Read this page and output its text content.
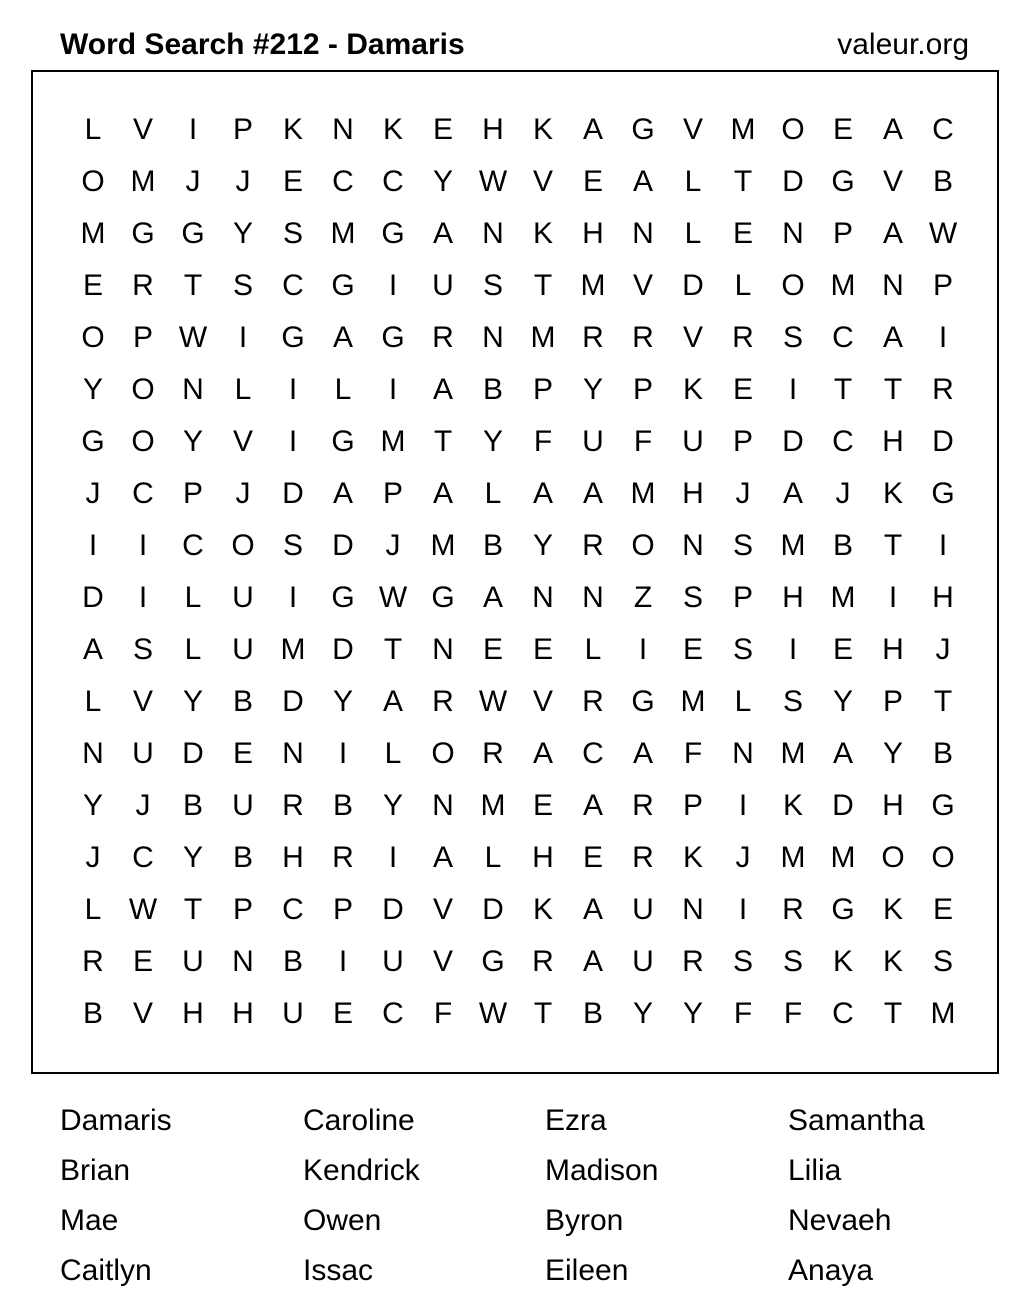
Word Search #212 - Damaris	valeur.org
L	V	I	P K N K E H K A G V M O E A C
O M	J	J	E C C Y W V E A	L	T	D G V B
M G G Y S M G A N K H N	L	E N P A W
E R	T	S C G	I	U S	T M V D	L O M N P
O P W	I	G A G R N M R R V R S C A	I
Y O N	L	I	L	I	A B P Y P K E	I	T	T	R
G O Y V	I	G M T	Y	F	U	F	U P D C H D
J	C P	J	D A P A	L	A A M H	J	A	J	K G
I	I	C O S D	J	M B Y R O N S M B	T	I
D	I	L	U	I	G W G A N N	Z	S P H M	I	H
A S	L	U M D	T	N E E	L	I	E S	I	E H	J
L	V Y B D Y A R W V R G M L	S Y P	T
N U D E N	I	L O R A C A	F	N M A Y B
Y	J	B U R B Y N M E A R P	I	K D H G
J	C Y B H R	I	A	L	H E R K	J	M M O O
L W T	P C P D V D K A U N	I	R G K E
R E U N B	I	U V G R A U R S S K K S
B V H H U E C	F W T	B Y Y	F	F	C	T M
Damaris	Caroline	Ezra	Samantha
Brian	Kendrick	Madison	Lilia
Mae	Owen	Byron	Nevaeh
Caitlyn	Issac	Eileen	Anaya
